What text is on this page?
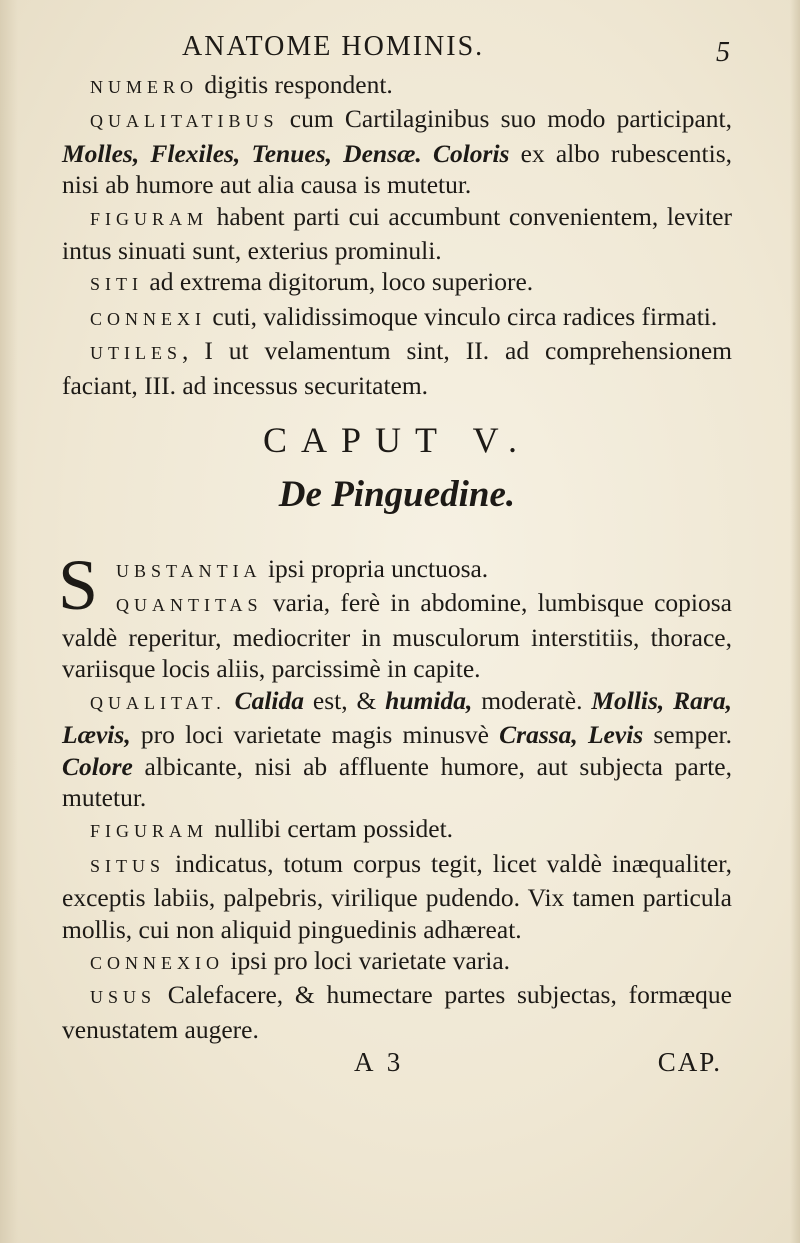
ANATOME HOMINIS.	5

NUMERO digitis respondent.

QUALITATIBUS cum Cartilaginibus suo modo participant, Molles, Flexiles, Tenues, Densæ. Coloris ex albo rubescentis, nisi ab humore aut alia causa is mutetur.

FIGURAM habent parti cui accumbunt convenientem, leviter intus sinuati sunt, exterius prominuli.

SITI ad extrema digitorum, loco superiore.

CONNEXI cuti, validissimoque vinculo circa radices firmati.

UTILES, I ut velamentum sint, II. ad comprehensionem faciant, III. ad incessus securitatem.

CAPUT V.
De Pinguedine.
S UBSTANTIA ipsi propria unctuosa.

QUANTITAS varia, ferè in abdomine, lumbisque copiosa valdè reperitur, mediocriter in musculorum interstitiis, thorace, variisque locis aliis, parcissimè in capite.

QUALITAT. Calida est, & humida, moderatè. Mollis, Rara, Lævis, pro loci varietate magis minusvè Crassa, Levis semper. Colore albicante, nisi ab affluente humore, aut subjecta parte, mutetur.

FIGURAM nullibi certam possidet.

SITUS indicatus, totum corpus tegit, licet valdè inæqualiter, exceptis labiis, palpebris, viriliquе pudendo. Vix tamen particula mollis, cui non aliquid pinguedinis adhæreat.

CONNEXIO ipsi pro loci varietate varia.

USUS Calefacere, & humectare partes subjectas, formæque venustatem augere.

A 3	CAP.
